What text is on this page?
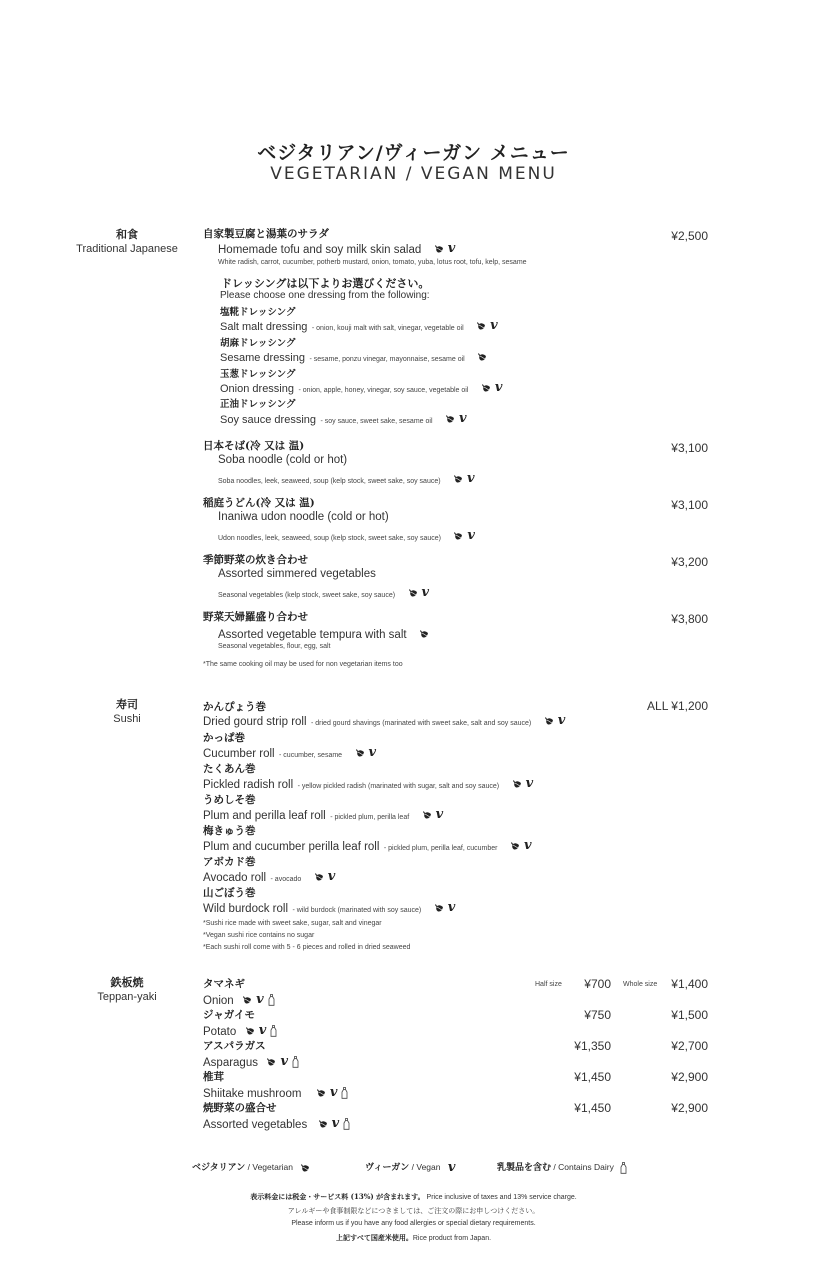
ベジタリアン/ヴィーガン メニュー
VEGETARIAN / VEGAN MENU
和食
Traditional Japanese
自家製豆腐と湯葉のサラダ
Homemade tofu and soy milk skin salad v
White radish, carrot, cucumber, potherb mustard, onion, tomato, yuba, lotus root, tofu, kelp, sesame
¥2,500
ドレッシングは以下よりお選びください。
Please choose one dressing from the following:
塩糀ドレッシング
Salt malt dressing - onion, kouji malt with salt, vinegar, vegetable oil v
胡麻ドレッシング
Sesame dressing - sesame, ponzu vinegar, mayonnaise, sesame oil
玉葱ドレッシング
Onion dressing - onion, apple, honey, vinegar, soy sauce, vegetable oil v
正油ドレッシング
Soy sauce dressing - soy sauce, sweet sake, sesame oil v
日本そば(冷 又は 温)
Soba noodle (cold or hot)
Soba noodles, leek, seaweed, soup (kelp stock, sweet sake, soy sauce) v
¥3,100
稲庭うどん(冷 又は 温)
Inaniwa udon noodle (cold or hot)
Udon noodles, leek, seaweed, soup (kelp stock, sweet sake, soy sauce) v
¥3,100
季節野菜の炊き合わせ
Assorted simmered vegetables
Seasonal vegetables (kelp stock, sweet sake, soy sauce) v
¥3,200
野菜天婦羅盛り合わせ
Assorted vegetable tempura with salt
Seasonal vegetables, flour, egg, salt
¥3,800
*The same cooking oil may be used for non vegetarian items too
寿司
Sushi
ALL ¥1,200
かんぴょう巻
Dried gourd strip roll - dried gourd shavings (marinated with sweet sake, salt and soy sauce) v
かっぱ巻
Cucumber roll - cucumber, sesame v
たくあん巻
Pickled radish roll - yellow pickled radish (marinated with sugar, salt and soy sauce) v
うめしそ巻
Plum and perilla leaf roll - pickled plum, perilla leaf v
梅きゅう巻
Plum and cucumber perilla leaf roll - pickled plum, perilla leaf, cucumber v
アボカド巻
Avocado roll - avocado v
山ごぼう巻
Wild burdock roll - wild burdock (marinated with soy sauce) v
*Sushi rice made with sweet sake, sugar, salt and vinegar
*Vegan sushi rice contains no sugar
*Each sushi roll come with 5 - 6 pieces and rolled in dried seaweed
鉄板焼
Teppan-yaki
Half size	Whole size
タマネギ
Onion v
¥700	¥1,400
ジャガイモ
Potato v
¥750	¥1,500
アスパラガス
Asparagus v
¥1,350	¥2,700
椎茸
Shiitake mushroom v
¥1,450	¥2,900
焼野菜の盛合せ
Assorted vegetables v
¥1,450	¥2,900
ベジタリアン / Vegetarian	ヴィーガン / Vegan v	乳製品を含む / Contains Dairy
表示料金には税金・サービス料 (13%) が含まれます。 Price inclusive of taxes and 13% service charge.
アレルギーや食事制限などにつきましては、ご注文の際にお申しつけください。
Please inform us if you have any food allergies or special dietary requirements.
上記すべて国産米使用。Rice product from Japan.
